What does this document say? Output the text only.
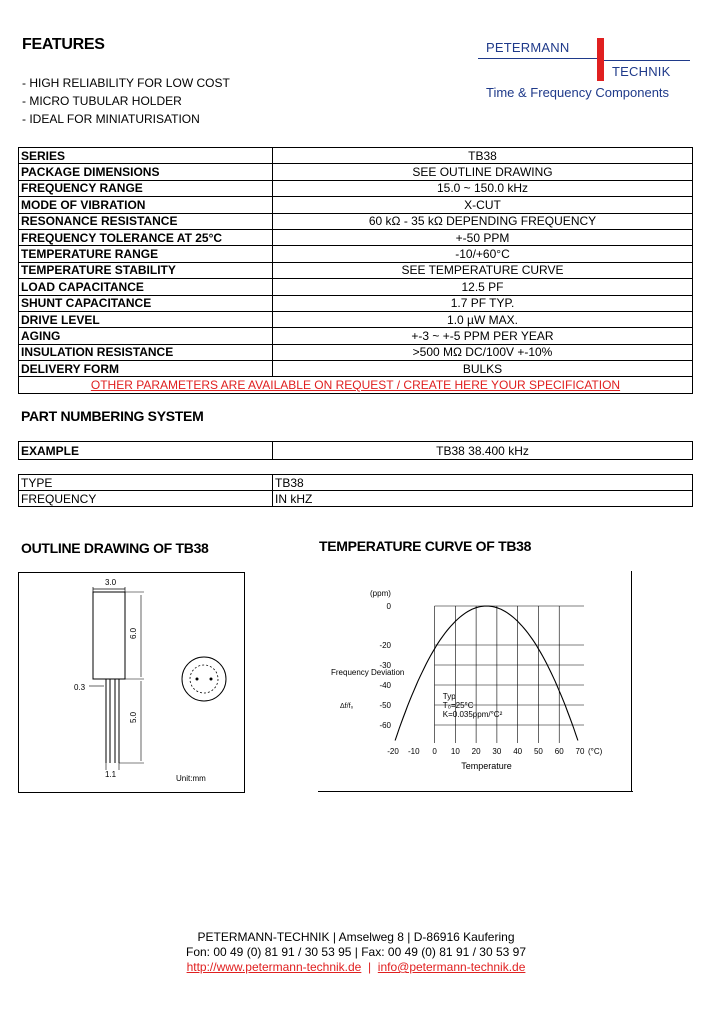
FEATURES
- HIGH RELIABILITY FOR LOW COST
- MICRO TUBULAR HOLDER
- IDEAL FOR MINIATURISATION
PETERMANN
TECHNIK
Time & Frequency Components
SERIES	TB38
PACKAGE DIMENSIONS	SEE OUTLINE DRAWING
FREQUENCY RANGE	15.0 ~ 150.0 kHz
MODE OF VIBRATION	X-CUT
RESONANCE RESISTANCE	60 kΩ - 35 kΩ DEPENDING FREQUENCY
FREQUENCY TOLERANCE AT 25°C	+-50 PPM
TEMPERATURE RANGE	-10/+60°C
TEMPERATURE STABILITY	SEE TEMPERATURE CURVE
LOAD CAPACITANCE	12.5 PF
SHUNT CAPACITANCE	1.7 PF TYP.
DRIVE LEVEL	1.0 µW MAX.
AGING	+-3 ~ +-5 PPM PER YEAR
INSULATION RESISTANCE	>500 MΩ DC/100V +-10%
DELIVERY FORM	BULKS
OTHER PARAMETERS ARE AVAILABLE ON REQUEST / CREATE HERE YOUR SPECIFICATION	
PART NUMBERING SYSTEM
EXAMPLE	TB38 38.400 kHz
TYPE	TB38
FREQUENCY	IN kHZ
OUTLINE DRAWING OF TB38	TEMPERATURE CURVE OF TB38
3.0
6.0
5.0
0.3
1.1	Unit:mm
-20 -10 0 10 20 30 40 50 60 70 (°C)
0
-20
-30
-40
-50
-60
(ppm)
Frequency Deviation
Δf/f₀
Temperature
Typ
T₀=25°C
K=0.035ppm/°C²
PETERMANN-TECHNIK | Amselweg 8 | D-86916 Kaufering
Fon: 00 49 (0) 81 91 / 30 53 95 | Fax: 00 49 (0) 81 91 / 30 53 97
http://www.petermann-technik.de  |  info@petermann-technik.de
